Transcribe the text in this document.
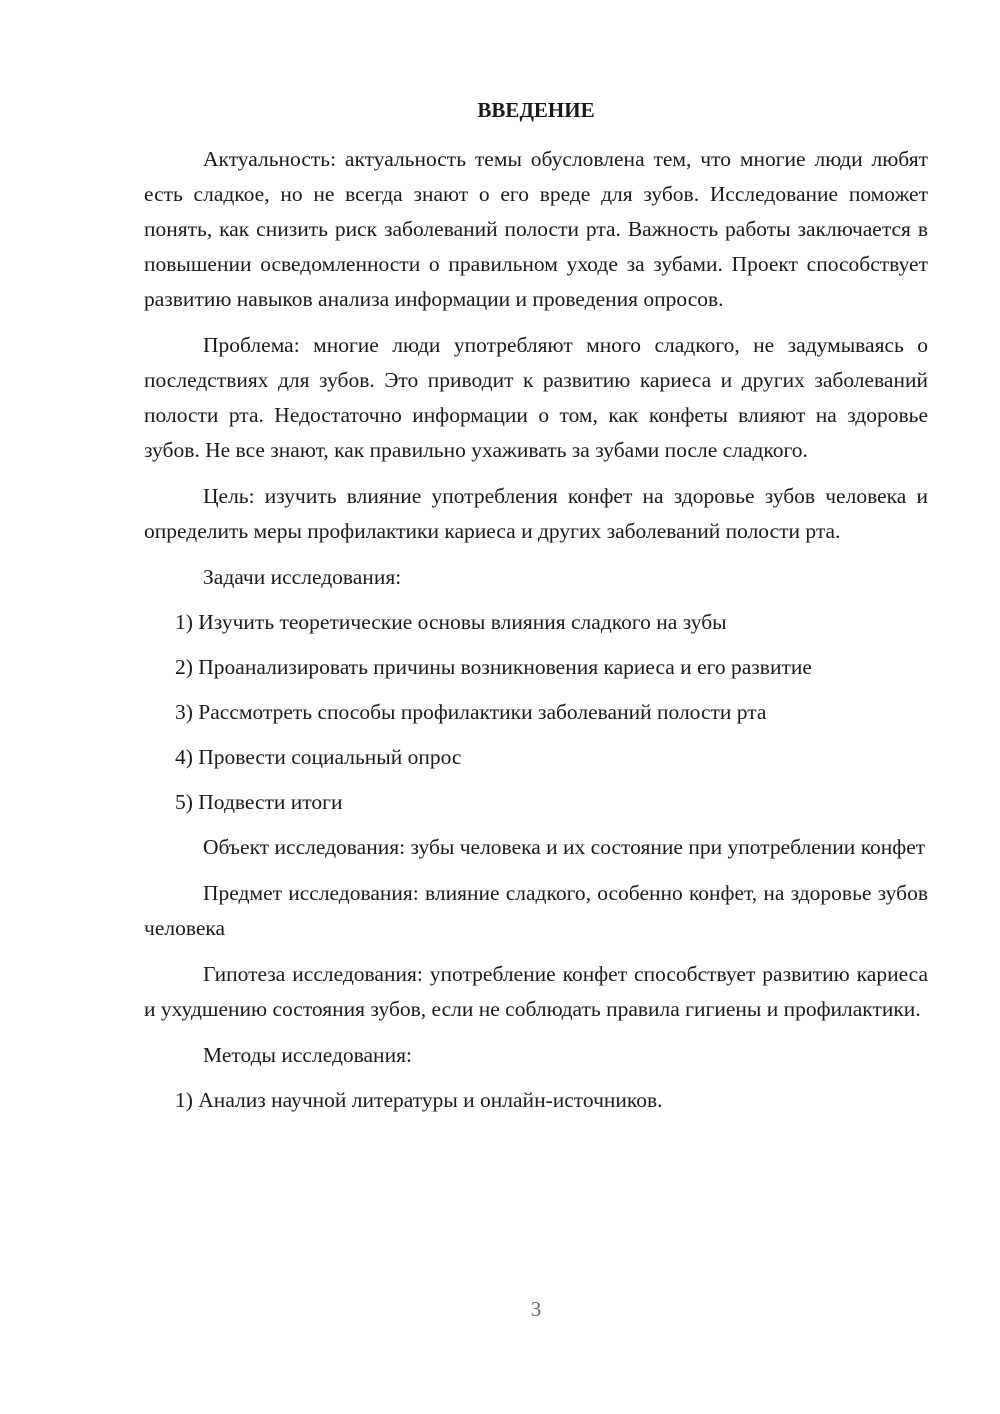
ВВЕДЕНИЕ

Актуальность: актуальность темы обусловлена тем, что многие люди любят есть сладкое, но не всегда знают о его вреде для зубов. Исследование поможет понять, как снизить риск заболеваний полости рта. Важность работы заключается в повышении осведомленности о правильном уходе за зубами. Проект способствует развитию навыков анализа информации и проведения опросов.

Проблема: многие люди употребляют много сладкого, не задумываясь о последствиях для зубов. Это приводит к развитию кариеса и других заболеваний полости рта. Недостаточно информации о том, как конфеты влияют на здоровье зубов. Не все знают, как правильно ухаживать за зубами после сладкого.

Цель: изучить влияние употребления конфет на здоровье зубов человека и определить меры профилактики кариеса и других заболеваний полости рта.

Задачи исследования:

1) Изучить теоретические основы влияния сладкого на зубы
2) Проанализировать причины возникновения кариеса и его развитие
3) Рассмотреть способы профилактики заболеваний полости рта
4) Провести социальный опрос
5) Подвести итоги

Объект исследования: зубы человека и их состояние при употреблении конфет

Предмет исследования: влияние сладкого, особенно конфет, на здоровье зубов человека

Гипотеза исследования: употребление конфет способствует развитию кариеса и ухудшению состояния зубов, если не соблюдать правила гигиены и профилактики.

Методы исследования:

1) Анализ научной литературы и онлайн-источников.
3
